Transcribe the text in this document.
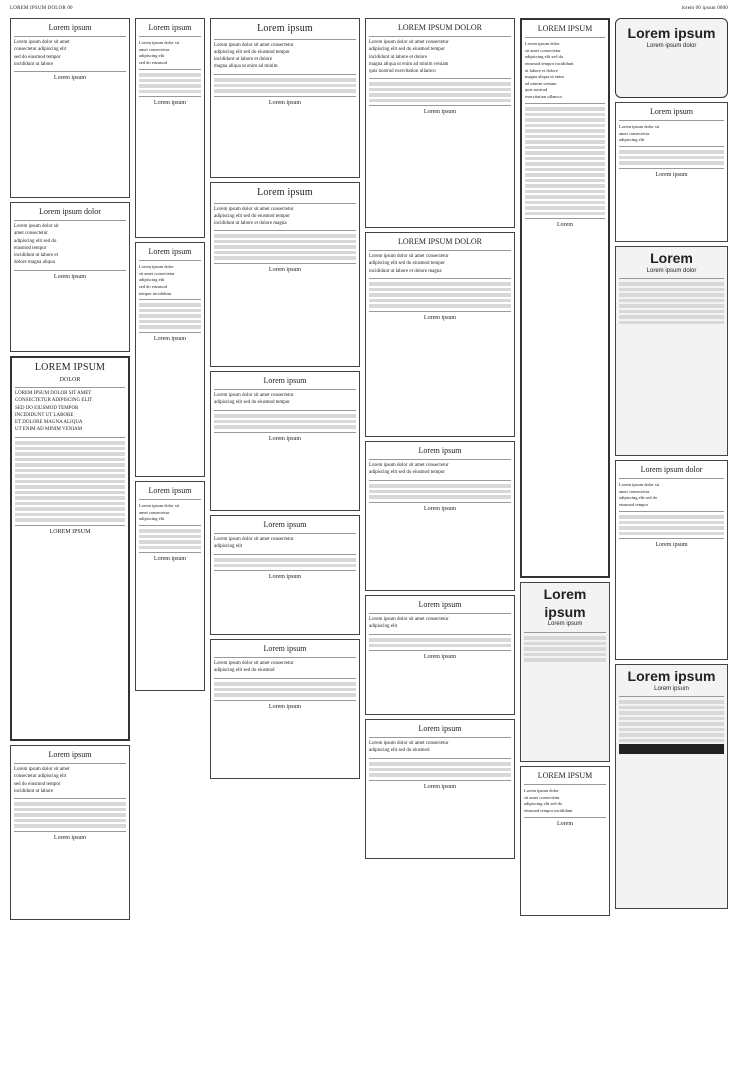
LOREM IPSUM DOLOR 00	lorem 00 ipsum 0000
Lorem ipsum
Lorem ipsum dolor sit amet
consectetur adipiscing elit
sed do eiusmod tempor
incididunt ut labore
Lorem ipsum
Lorem ipsum dolor
Lorem ipsum dolor sit
amet consectetur
adipiscing elit sed do
eiusmod tempor
incididunt ut labore et
dolore magna aliqua
Lorem ipsum
LOREM IPSUM
DOLOR
LOREM IPSUM DOLOR SIT AMET
CONSECTETUR ADIPISCING ELIT
SED DO EIUSMOD TEMPOR
INCIDIDUNT UT LABORE
ET DOLORE MAGNA ALIQUA
UT ENIM AD MINIM VENIAM
LOREM IPSUM
Lorem ipsum
Lorem ipsum dolor sit amet
consectetur adipiscing elit
sed do eiusmod tempor
incididunt ut labore
Lorem ipsum
Lorem ipsum
Lorem ipsum dolor sit
amet consectetur
adipiscing elit
sed do eiusmod
Lorem ipsum
Lorem ipsum
Lorem ipsum dolor
sit amet consectetur
adipiscing elit
sed do eiusmod
tempor incididunt
Lorem ipsum
Lorem ipsum
Lorem ipsum dolor sit
amet consectetur
adipiscing elit
Lorem ipsum
Lorem ipsum
Lorem ipsum dolor sit amet consectetur
adipiscing elit sed do eiusmod tempor
incididunt ut labore et dolore
magna aliqua ut enim ad minim
Lorem ipsum
Lorem ipsum
Lorem ipsum dolor sit amet consectetur
adipiscing elit sed do eiusmod tempor
incididunt ut labore et dolore magna
Lorem ipsum
Lorem ipsum
Lorem ipsum dolor sit amet consectetur
adipiscing elit sed do eiusmod tempor
Lorem ipsum
Lorem ipsum
Lorem ipsum dolor sit amet consectetur
adipiscing elit
Lorem ipsum
Lorem ipsum
Lorem ipsum dolor sit amet consectetur
adipiscing elit sed do eiusmod
Lorem ipsum
LOREM IPSUM DOLOR
Lorem ipsum dolor sit amet consectetur
adipiscing elit sed do eiusmod tempor
incididunt ut labore et dolore
magna aliqua ut enim ad minim veniam
quis nostrud exercitation ullamco
Lorem ipsum
LOREM IPSUM DOLOR
Lorem ipsum dolor sit amet consectetur
adipiscing elit sed do eiusmod tempor
incididunt ut labore et dolore magna
Lorem ipsum
Lorem ipsum
Lorem ipsum dolor sit amet consectetur
adipiscing elit sed do eiusmod tempor
Lorem ipsum
Lorem ipsum
Lorem ipsum dolor sit amet consectetur
adipiscing elit
Lorem ipsum
Lorem ipsum
Lorem ipsum dolor sit amet consectetur
adipiscing elit sed do eiusmod
Lorem ipsum
LOREM IPSUM
Lorem ipsum dolor
sit amet consectetur
adipiscing elit sed do
eiusmod tempor incididunt
ut labore et dolore
magna aliqua ut enim
ad minim veniam
quis nostrud
exercitation ullamco
Lorem
Lorem ipsum
Lorem ipsum
LOREM IPSUM
Lorem ipsum dolor
sit amet consectetur
adipiscing elit sed do
eiusmod tempor incididunt
Lorem
Lorem ipsum
Lorem ipsum dolor
Lorem ipsum
Lorem ipsum dolor sit
amet consectetur
adipiscing elit
Lorem ipsum
Lorem
Lorem ipsum dolor
Lorem ipsum dolor
Lorem ipsum dolor sit
amet consectetur
adipiscing elit sed do
eiusmod tempor
Lorem ipsum
Lorem ipsum
Lorem ipsum
